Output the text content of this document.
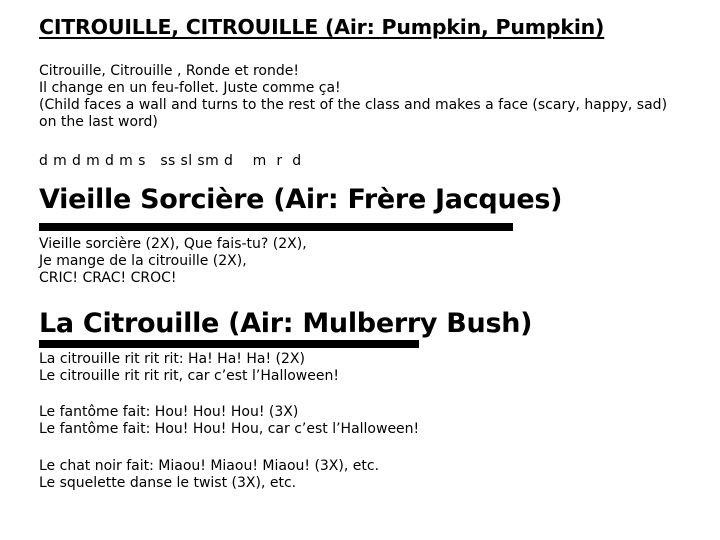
CITROUILLE, CITROUILLE (Air: Pumpkin, Pumpkin)
Citrouille, Citrouille , Ronde et ronde!
Il change en un feu-follet. Juste comme ça!
(Child faces a wall and turns to the rest of the class and makes a face (scary, happy, sad) on the last word)
d m d m d m s   ss sl sm d    m  r  d
Vieille Sorcière (Air: Frère Jacques)
Vieille sorcière (2X), Que fais-tu? (2X),
Je mange de la citrouille (2X),
CRIC! CRAC! CROC!
La Citrouille (Air: Mulberry Bush)
La citrouille rit rit rit: Ha! Ha! Ha! (2X)
Le citrouille rit rit rit, car c’est l’Halloween!
Le fantôme fait: Hou! Hou! Hou! (3X)
Le fantôme fait: Hou! Hou! Hou, car c’est l’Halloween!
Le chat noir fait: Miaou! Miaou! Miaou! (3X), etc.
Le squelette danse le twist (3X), etc.
